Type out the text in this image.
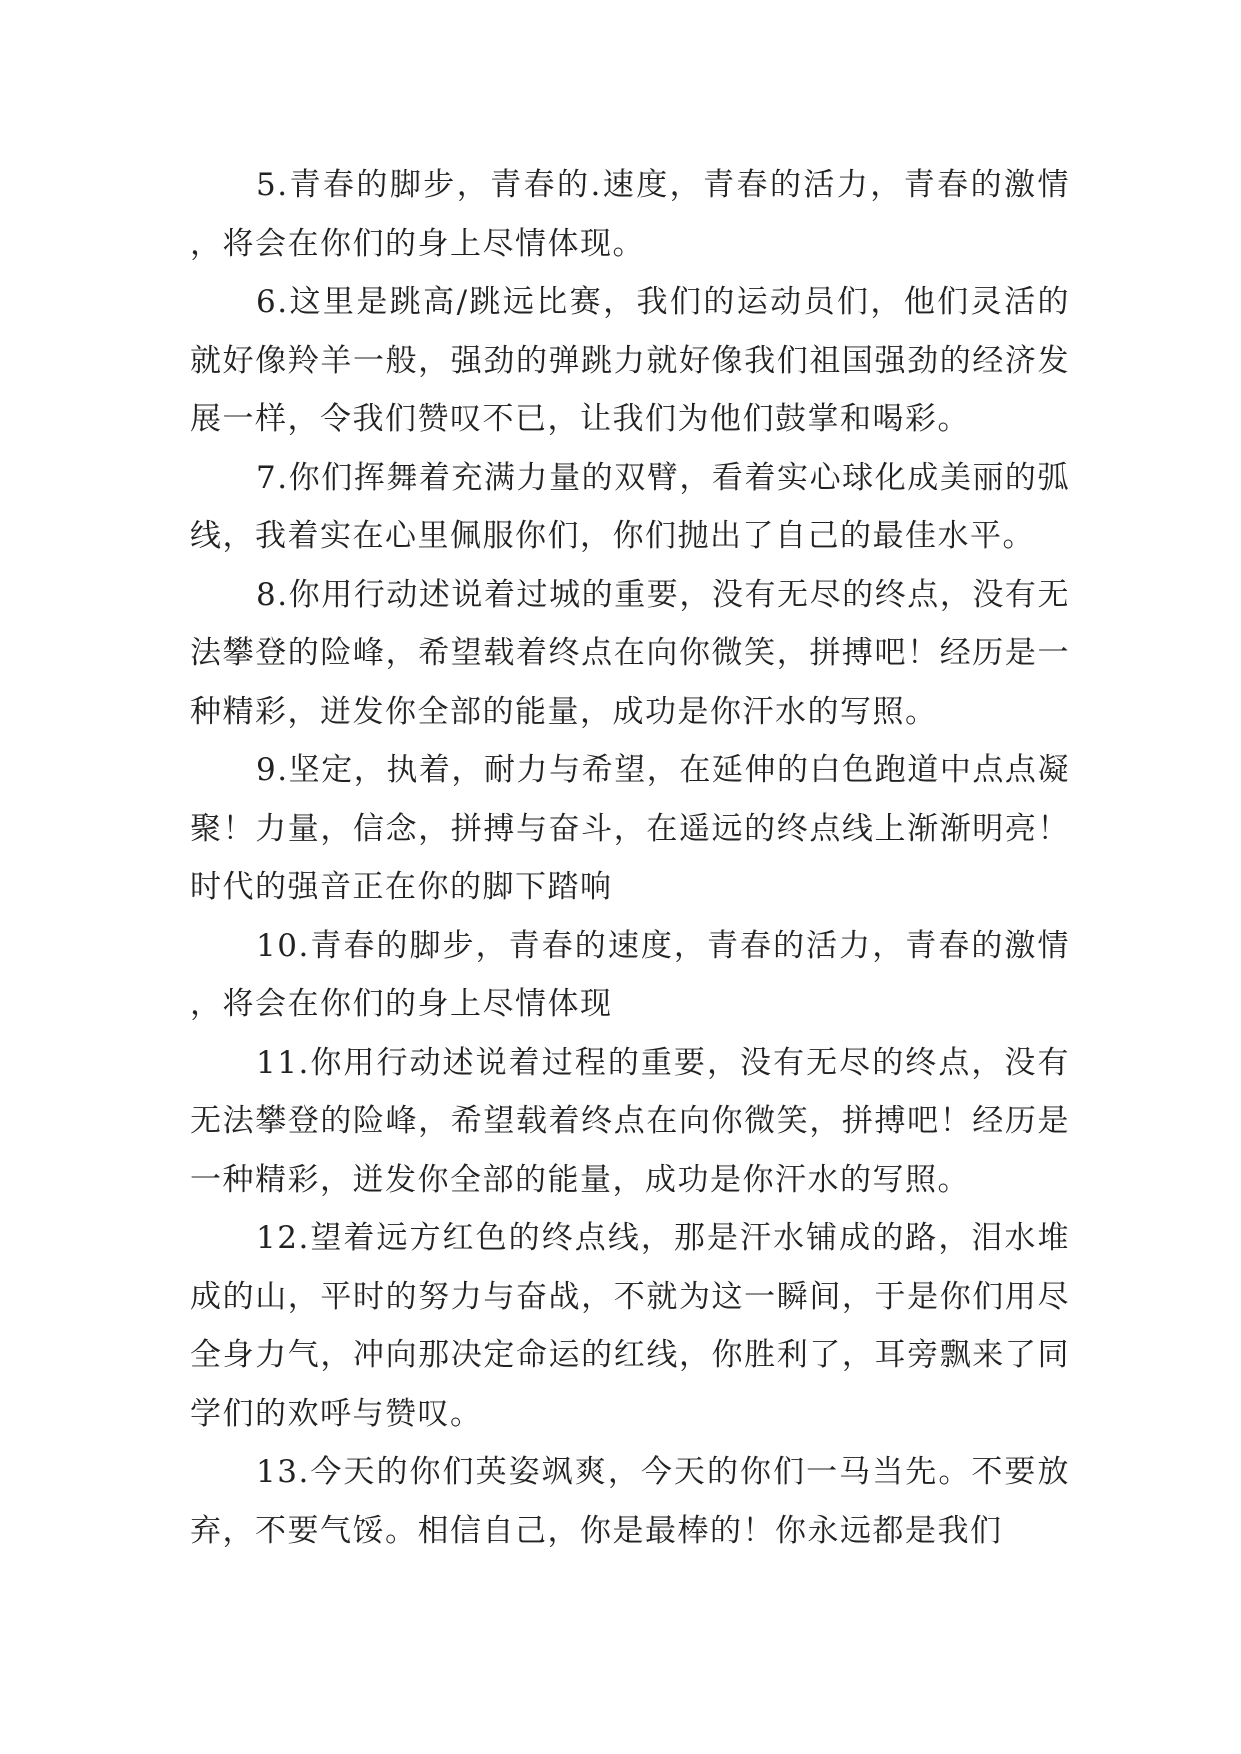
5.青春的脚步，青春的.速度，青春的活力，青春的激情，将会在你们的身上尽情体现。

6.这里是跳高/跳远比赛，我们的运动员们，他们灵活的就好像羚羊一般，强劲的弹跳力就好像我们祖国强劲的经济发展一样，令我们赞叹不已，让我们为他们鼓掌和喝彩。

7.你们挥舞着充满力量的双臂，看着实心球化成美丽的弧线，我着实在心里佩服你们，你们抛出了自己的最佳水平。

8.你用行动述说着过城的重要，没有无尽的终点，没有无法攀登的险峰，希望载着终点在向你微笑，拼搏吧！经历是一种精彩，迸发你全部的能量，成功是你汗水的写照。

9.坚定，执着，耐力与希望，在延伸的白色跑道中点点凝聚！力量，信念，拼搏与奋斗，在遥远的终点线上渐渐明亮！时代的强音正在你的脚下踏响

10.青春的脚步，青春的速度，青春的活力，青春的激情，将会在你们的身上尽情体现

11.你用行动述说着过程的重要，没有无尽的终点，没有无法攀登的险峰，希望载着终点在向你微笑，拼搏吧！经历是一种精彩，迸发你全部的能量，成功是你汗水的写照。

12.望着远方红色的终点线，那是汗水铺成的路，泪水堆成的山，平时的努力与奋战，不就为这一瞬间，于是你们用尽全身力气，冲向那决定命运的红线，你胜利了，耳旁飘来了同学们的欢呼与赞叹。

13.今天的你们英姿飒爽，今天的你们一马当先。不要放弃，不要气馁。相信自己，你是最棒的！你永远都是我们
